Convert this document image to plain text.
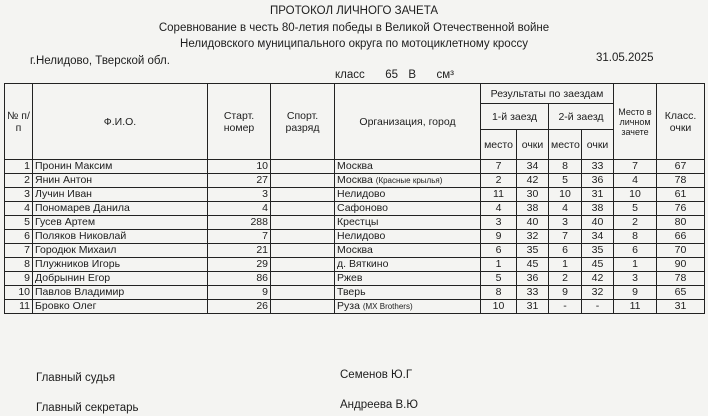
ПРОТОКОЛ ЛИЧНОГО ЗАЧЕТА
Соревнование в честь 80-летия победы в Великой Отечественной войне
Нелидовского муниципального округа по мотоциклетному кроссу
г.Нелидово, Тверской обл.	31.05.2025
класс 65 В см³
№ п/п	Ф.И.О.	Старт. номер	Спорт. разряд	Организация, город	Результаты по заездам				Место в личном зачете	Класс. очки
					1-й заезд		2-й заезд			
					место	очки	место	очки		
1	Пронин Максим	10		Москва	7	34	8	33	7	67
2	Янин Антон	27		Москва (Красные крылья)	2	42	5	36	4	78
3	Лучин Иван	3		Нелидово	11	30	10	31	10	61
4	Пономарев Данила	4		Сафоново	4	38	4	38	5	76
5	Гусев Артем	288		Крестцы	3	40	3	40	2	80
6	Поляков Никовлай	7		Нелидово	9	32	7	34	8	66
7	Городюк Михаил	21		Москва	6	35	6	35	6	70
8	Плужников Игорь	29		д. Вяткино	1	45	1	45	1	90
9	Добрынин Егор	86		Ржев	5	36	2	42	3	78
10	Павлов Владимир	9		Тверь	8	33	9	32	9	65
11	Бровко Олег	26		Руза (MX Brothers)	10	31	-	-	11	31
Главный судья	Семенов Ю.Г
Главный секретарь	Андреева В.Ю
